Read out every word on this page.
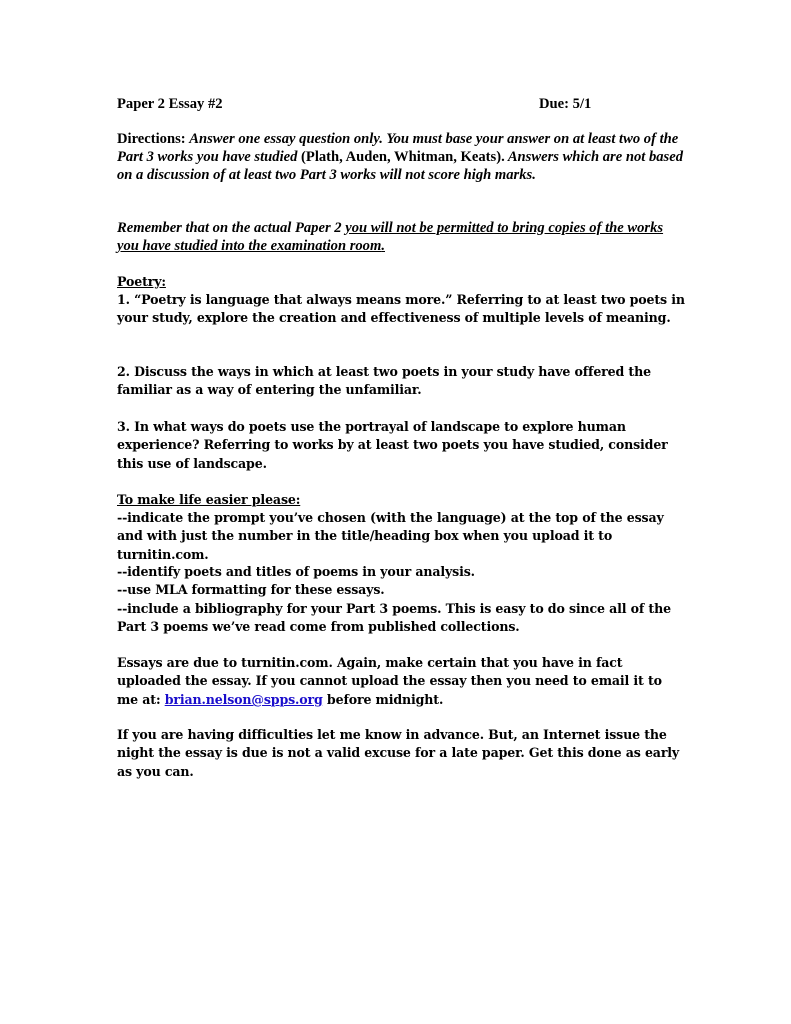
Paper 2 Essay #2	Due: 5/1

Directions: Answer one essay question only. You must base your answer on at least two of the Part 3 works you have studied (Plath, Auden, Whitman, Keats). Answers which are not based on a discussion of at least two Part 3 works will not score high marks.

Remember that on the actual Paper 2 you will not be permitted to bring copies of the works you have studied into the examination room.

Poetry:

1. “Poetry is language that always means more.” Referring to at least two poets in your study, explore the creation and effectiveness of multiple levels of meaning.

2. Discuss the ways in which at least two poets in your study have offered the familiar as a way of entering the unfamiliar.

3. In what ways do poets use the portrayal of landscape to explore human experience? Referring to works by at least two poets you have studied, consider this use of landscape.

To make life easier please:

--indicate the prompt you’ve chosen (with the language) at the top of the essay and with just the number in the title/heading box when you upload it to turnitin.com.

--identify poets and titles of poems in your analysis.

--use MLA formatting for these essays.

--include a bibliography for your Part 3 poems. This is easy to do since all of the Part 3 poems we’ve read come from published collections.

Essays are due to turnitin.com. Again, make certain that you have in fact uploaded the essay. If you cannot upload the essay then you need to email it to me at: brian.nelson@spps.org before midnight.

If you are having difficulties let me know in advance. But, an Internet issue the night the essay is due is not a valid excuse for a late paper. Get this done as early as you can.
